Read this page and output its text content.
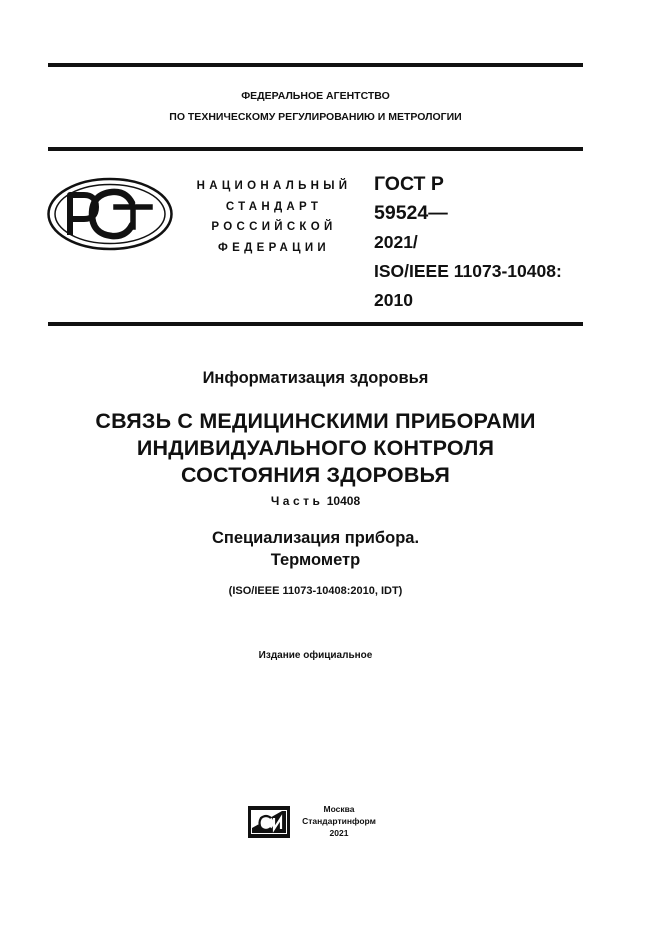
ФЕДЕРАЛЬНОЕ АГЕНТСТВО
ПО ТЕХНИЧЕСКОМУ РЕГУЛИРОВАНИЮ И МЕТРОЛОГИИ
НАЦИОНАЛЬНЫЙ
СТАНДАРТ
РОССИЙСКОЙ
ФЕДЕРАЦИИ
ГОСТ Р
59524—
2021/
ISO/IEEE 11073-10408:
2010
Информатизация здоровья
СВЯЗЬ С МЕДИЦИНСКИМИ ПРИБОРАМИ
ИНДИВИДУАЛЬНОГО КОНТРОЛЯ
СОСТОЯНИЯ ЗДОРОВЬЯ
Часть 10408
Специализация прибора.
Термометр
(ISO/IEEE 11073-10408:2010, IDT)
Издание официальное
Москва
Стандартинформ
2021
